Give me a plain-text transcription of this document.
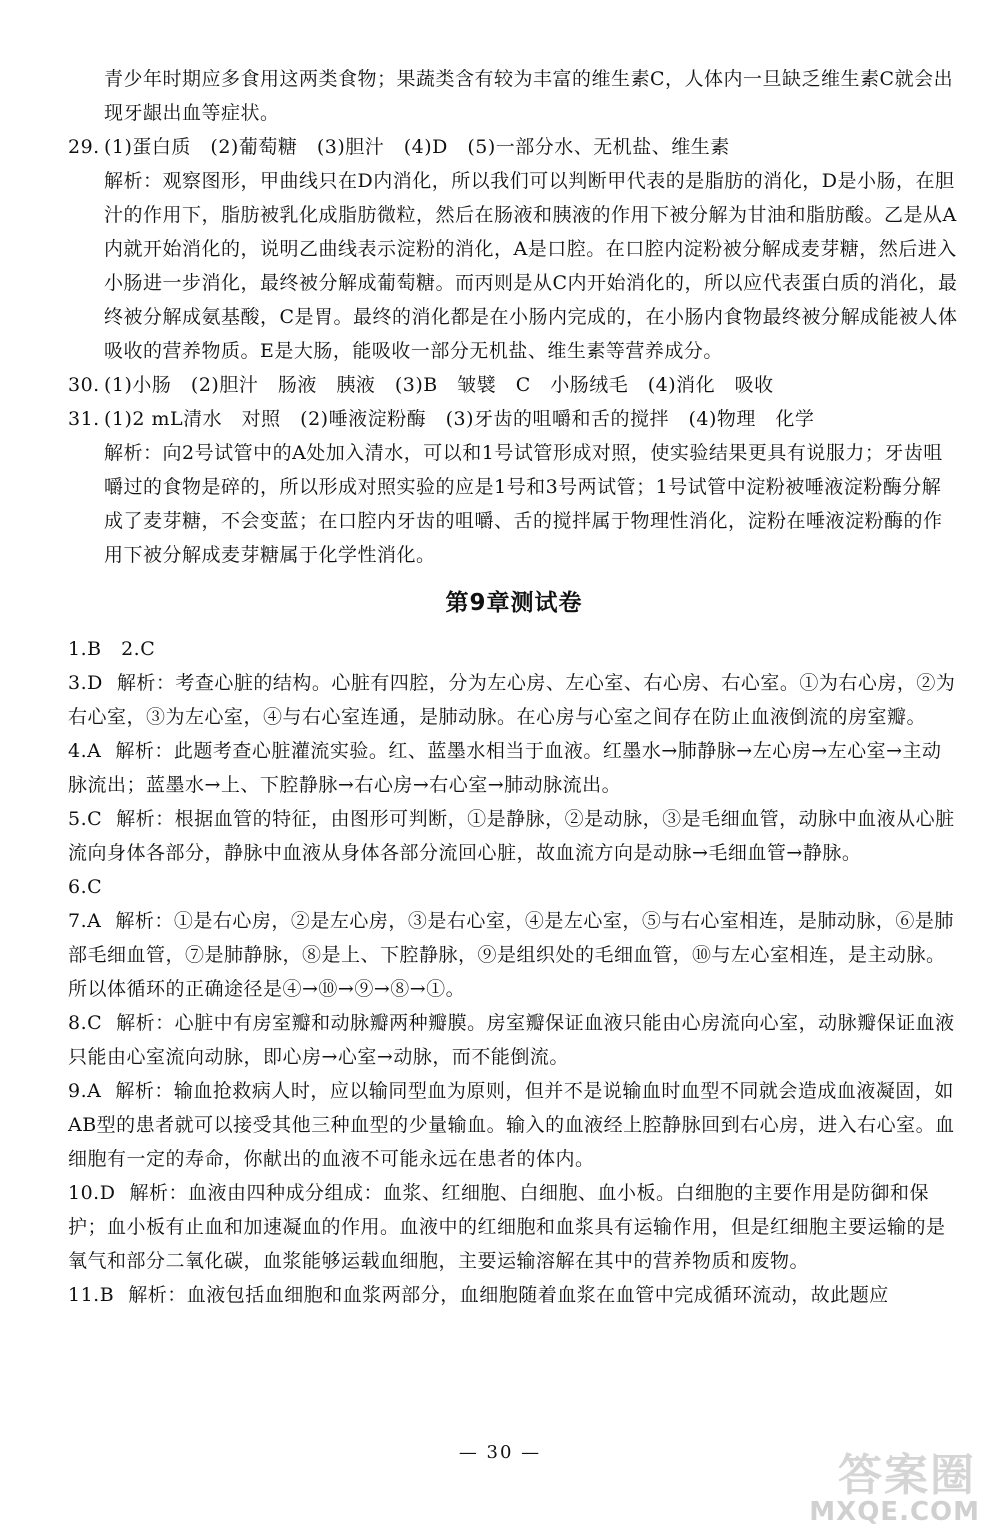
青少年时期应多食用这两类食物；果蔬类含有较为丰富的维生素C，人体内一旦缺乏维生素C就会出现牙龈出血等症状。

29. (1)蛋白质　(2)葡萄糖　(3)胆汁　(4)D　(5)一部分水、无机盐、维生素

解析：观察图形，甲曲线只在D内消化，所以我们可以判断甲代表的是脂肪的消化，D是小肠，在胆汁的作用下，脂肪被乳化成脂肪微粒，然后在肠液和胰液的作用下被分解为甘油和脂肪酸。乙是从A内就开始消化的，说明乙曲线表示淀粉的消化，A是口腔。在口腔内淀粉被分解成麦芽糖，然后进入小肠进一步消化，最终被分解成葡萄糖。而丙则是从C内开始消化的，所以应代表蛋白质的消化，最终被分解成氨基酸，C是胃。最终的消化都是在小肠内完成的，在小肠内食物最终被分解成能被人体吸收的营养物质。E是大肠，能吸收一部分无机盐、维生素等营养成分。

30. (1)小肠　(2)胆汁　肠液　胰液　(3)B　皱襞　C　小肠绒毛　(4)消化　吸收

31. (1)2 mL清水　对照　(2)唾液淀粉酶　(3)牙齿的咀嚼和舌的搅拌　(4)物理　化学

解析：向2号试管中的A处加入清水，可以和1号试管形成对照，使实验结果更具有说服力；牙齿咀嚼过的食物是碎的，所以形成对照实验的应是1号和3号两试管；1号试管中淀粉被唾液淀粉酶分解成了麦芽糖，不会变蓝；在口腔内牙齿的咀嚼、舌的搅拌属于物理性消化，淀粉在唾液淀粉酶的作用下被分解成麦芽糖属于化学性消化。

第9章测试卷

1.B　2.C

3.D 解析：考查心脏的结构。心脏有四腔，分为左心房、左心室、右心房、右心室。①为右心房，②为右心室，③为左心室，④与右心室连通，是肺动脉。在心房与心室之间存在防止血液倒流的房室瓣。

4.A 解析：此题考查心脏灌流实验。红、蓝墨水相当于血液。红墨水→肺静脉→左心房→左心室→主动脉流出；蓝墨水→上、下腔静脉→右心房→右心室→肺动脉流出。

5.C 解析：根据血管的特征，由图形可判断，①是静脉，②是动脉，③是毛细血管，动脉中血液从心脏流向身体各部分，静脉中血液从身体各部分流回心脏，故血流方向是动脉→毛细血管→静脉。

6.C

7.A 解析：①是右心房，②是左心房，③是右心室，④是左心室，⑤与右心室相连，是肺动脉，⑥是肺部毛细血管，⑦是肺静脉，⑧是上、下腔静脉，⑨是组织处的毛细血管，⑩与左心室相连，是主动脉。所以体循环的正确途径是④→⑩→⑨→⑧→①。

8.C 解析：心脏中有房室瓣和动脉瓣两种瓣膜。房室瓣保证血液只能由心房流向心室，动脉瓣保证血液只能由心室流向动脉，即心房→心室→动脉，而不能倒流。

9.A 解析：输血抢救病人时，应以输同型血为原则，但并不是说输血时血型不同就会造成血液凝固，如AB型的患者就可以接受其他三种血型的少量输血。输入的血液经上腔静脉回到右心房，进入右心室。血细胞有一定的寿命，你献出的血液不可能永远在患者的体内。

10.D 解析：血液由四种成分组成：血浆、红细胞、白细胞、血小板。白细胞的主要作用是防御和保护；血小板有止血和加速凝血的作用。血液中的红细胞和血浆具有运输作用，但是红细胞主要运输的是氧气和部分二氧化碳，血浆能够运载血细胞，主要运输溶解在其中的营养物质和废物。

11.B 解析：血液包括血细胞和血浆两部分，血细胞随着血浆在血管中完成循环流动，故此题应

— 30 —	答案圈
MXQE.COM
